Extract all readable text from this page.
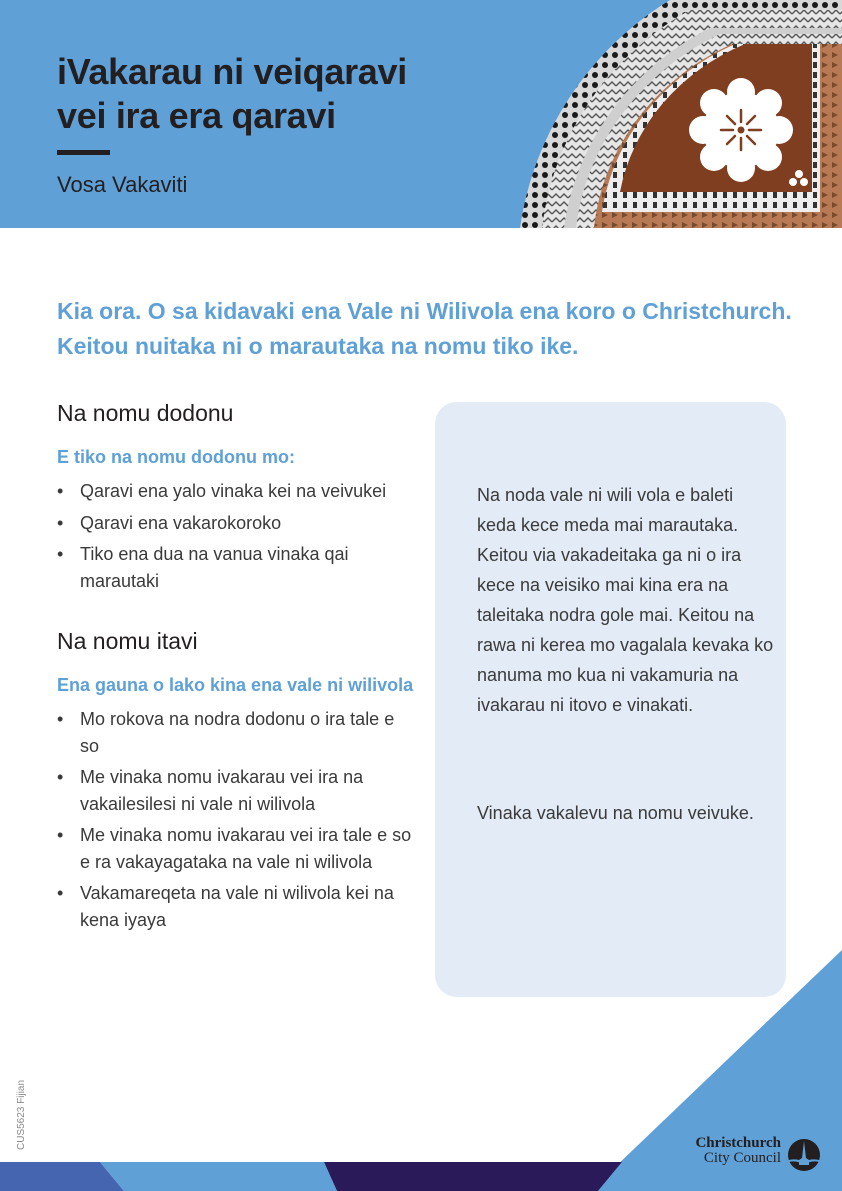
iVakarau ni veiqaravi
vei ira era qaravi
Vosa Vakaviti

Kia ora. O sa kidavaki ena Vale ni Wilivola ena koro o Christchurch. Keitou nuitaka ni o marautaka na nomu tiko ike.

Na nomu dodonu
E tiko na nomu dodonu mo:
• Qaravi ena yalo vinaka kei na veivukei
• Qaravi ena vakarokoroko
• Tiko ena dua na vanua vinaka qai marautaki
Na nomu itavi
Ena gauna o lako kina ena vale ni wilivola
• Mo rokova na nodra dodonu o ira tale e so
• Me vinaka nomu ivakarau vei ira na vakailesilesi ni vale ni wilivola
• Me vinaka nomu ivakarau vei ira tale e so e ra vakayagataka na vale ni wilivola
• Vakamareqeta na vale ni wilivola kei na kena iyaya

Na noda vale ni wili vola e baleti keda kece meda mai marautaka. Keitou via vakadeitaka ga ni o ira kece na veisiko mai kina era na taleitaka nodra gole mai. Keitou na rawa ni kerea mo vagalala kevaka ko nanuma mo kua ni vakamuria na ivakarau ni itovo e vinakati.

Vinaka vakalevu na nomu veivuke.

CUS5623 Fijian	Christchurch
City Council
